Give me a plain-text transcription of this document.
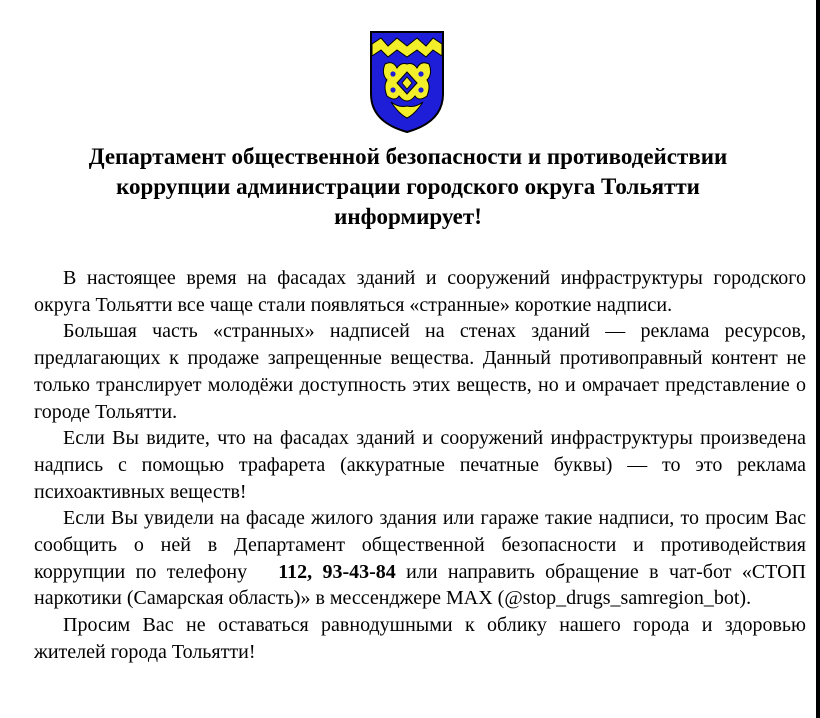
Департамент общественной безопасности и противодействии
коррупции администрации городского округа Тольятти
информирует!

В настоящее время на фасадах зданий и сооружений инфраструктуры городского округа Тольятти все чаще стали появляться «странные» короткие надписи.

Большая часть «странных» надписей на стенах зданий — реклама ресурсов, предлагающих к продаже запрещенные вещества. Данный противоправный контент не только транслирует молодёжи доступность этих веществ, но и омрачает представление о городе Тольятти.

Если Вы видите, что на фасадах зданий и сооружений инфраструктуры произведена надпись с помощью трафарета (аккуратные печатные буквы) — то это реклама психоактивных веществ!

Если Вы увидели на фасаде жилого здания или гараже такие надписи, то просим Вас сообщить о ней в Департамент общественной безопасности и противодействия коррупции по телефону 112, 93-43-84 или направить обращение в чат-бот «СТОП наркотики (Самарская область)» в мессенджере MAX (@stop_drugs_samregion_bot).

Просим Вас не оставаться равнодушными к облику нашего города и здоровью жителей города Тольятти!
